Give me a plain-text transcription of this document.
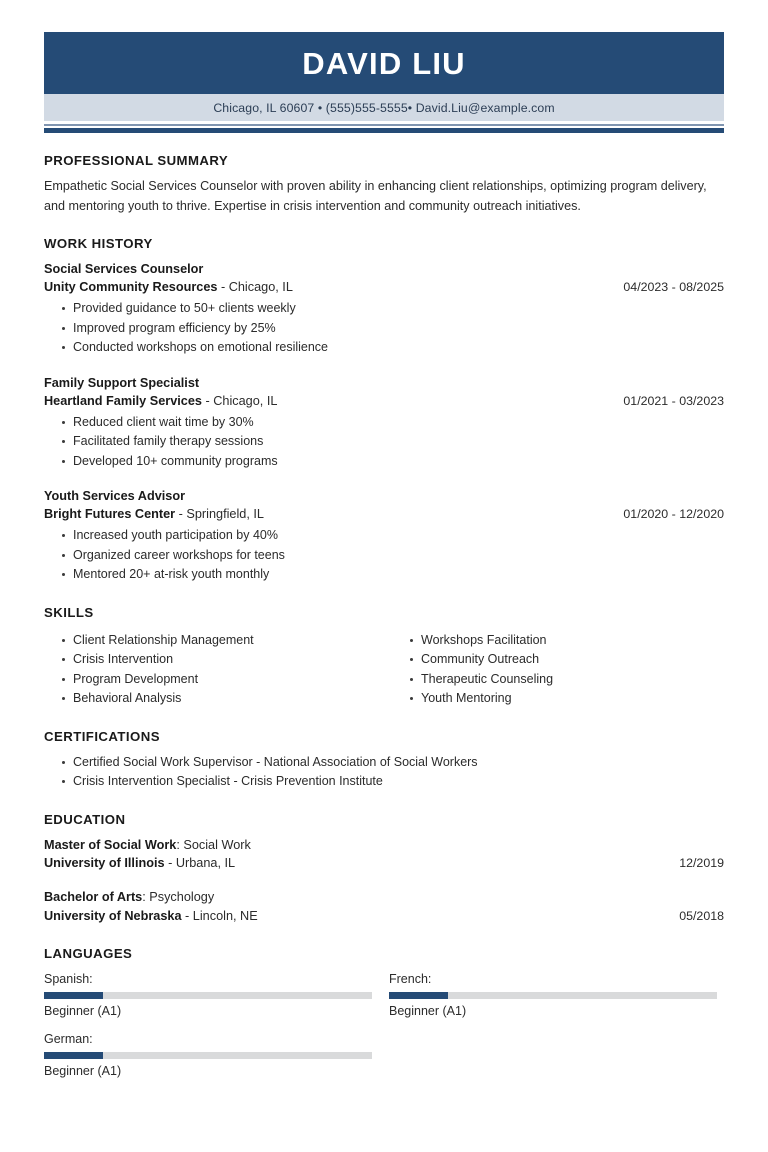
DAVID LIU
Chicago, IL 60607 • (555)555-5555• David.Liu@example.com
PROFESSIONAL SUMMARY
Empathetic Social Services Counselor with proven ability in enhancing client relationships, optimizing program delivery, and mentoring youth to thrive. Expertise in crisis intervention and community outreach initiatives.
WORK HISTORY
Social Services Counselor
Unity Community Resources - Chicago, IL	04/2023 - 08/2025
Provided guidance to 50+ clients weekly
Improved program efficiency by 25%
Conducted workshops on emotional resilience
Family Support Specialist
Heartland Family Services - Chicago, IL	01/2021 - 03/2023
Reduced client wait time by 30%
Facilitated family therapy sessions
Developed 10+ community programs
Youth Services Advisor
Bright Futures Center - Springfield, IL	01/2020 - 12/2020
Increased youth participation by 40%
Organized career workshops for teens
Mentored 20+ at-risk youth monthly
SKILLS
Client Relationship Management
Crisis Intervention
Program Development
Behavioral Analysis
Workshops Facilitation
Community Outreach
Therapeutic Counseling
Youth Mentoring
CERTIFICATIONS
Certified Social Work Supervisor - National Association of Social Workers
Crisis Intervention Specialist - Crisis Prevention Institute
EDUCATION
Master of Social Work: Social Work
University of Illinois - Urbana, IL	12/2019
Bachelor of Arts: Psychology
University of Nebraska - Lincoln, NE	05/2018
LANGUAGES
Spanish:
Beginner (A1)
French:
Beginner (A1)
German:
Beginner (A1)
